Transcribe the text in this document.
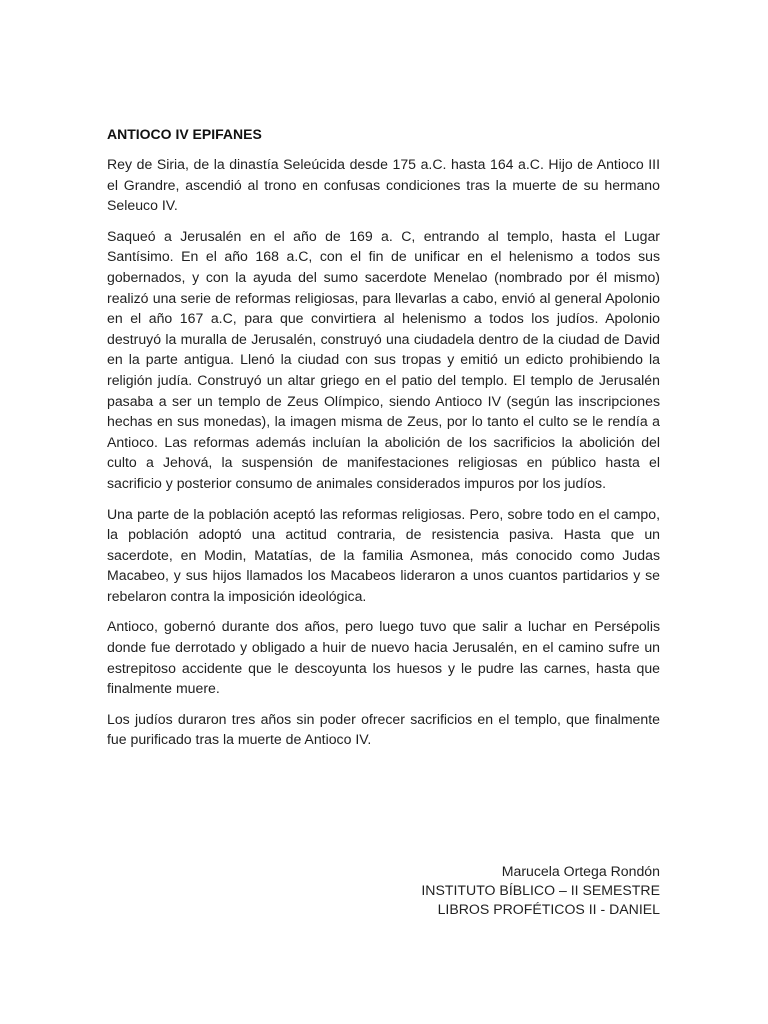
ANTIOCO IV EPIFANES

Rey de Siria, de la dinastía Seleúcida desde 175 a.C. hasta 164 a.C. Hijo de Antioco III el Grandre, ascendió al trono en confusas condiciones tras la muerte de su hermano Seleuco IV.

Saqueó a Jerusalén en el año de 169 a. C, entrando al templo, hasta el Lugar Santísimo. En el año 168 a.C, con el fin de unificar en el helenismo a todos sus gobernados, y con la ayuda del sumo sacerdote Menelao (nombrado por él mismo) realizó una serie de reformas religiosas, para llevarlas a cabo, envió al general Apolonio en el año 167 a.C, para que convirtiera al helenismo a todos los judíos. Apolonio destruyó la muralla de Jerusalén, construyó una ciudadela dentro de la ciudad de David en la parte antigua. Llenó la ciudad con sus tropas y emitió un edicto prohibiendo la religión judía. Construyó un altar griego en el patio del templo. El templo de Jerusalén pasaba a ser un templo de Zeus Olímpico, siendo Antioco IV (según las inscripciones hechas en sus monedas), la imagen misma de Zeus, por lo tanto el culto se le rendía a Antioco. Las reformas además incluían la abolición de los sacrificios la abolición del culto a Jehová, la suspensión de manifestaciones religiosas en público hasta el sacrificio y posterior consumo de animales considerados impuros por los judíos.

Una parte de la población aceptó las reformas religiosas. Pero, sobre todo en el campo, la población adoptó una actitud contraria, de resistencia pasiva. Hasta que un sacerdote, en Modin, Matatías, de la familia Asmonea, más conocido como Judas Macabeo, y sus hijos llamados los Macabeos lideraron a unos cuantos partidarios y se rebelaron contra la imposición ideológica.

Antioco, gobernó durante dos años, pero luego tuvo que salir a luchar en Persépolis donde fue derrotado y obligado a huir de nuevo hacia Jerusalén, en el camino sufre un estrepitoso accidente que le descoyunta los huesos y le pudre las carnes, hasta que finalmente muere.

Los judíos duraron tres años sin poder ofrecer sacrificios en el templo, que finalmente fue purificado tras la muerte de Antioco IV.

Marucela Ortega Rondón
INSTITUTO BÍBLICO – II SEMESTRE
LIBROS PROFÉTICOS II - DANIEL
